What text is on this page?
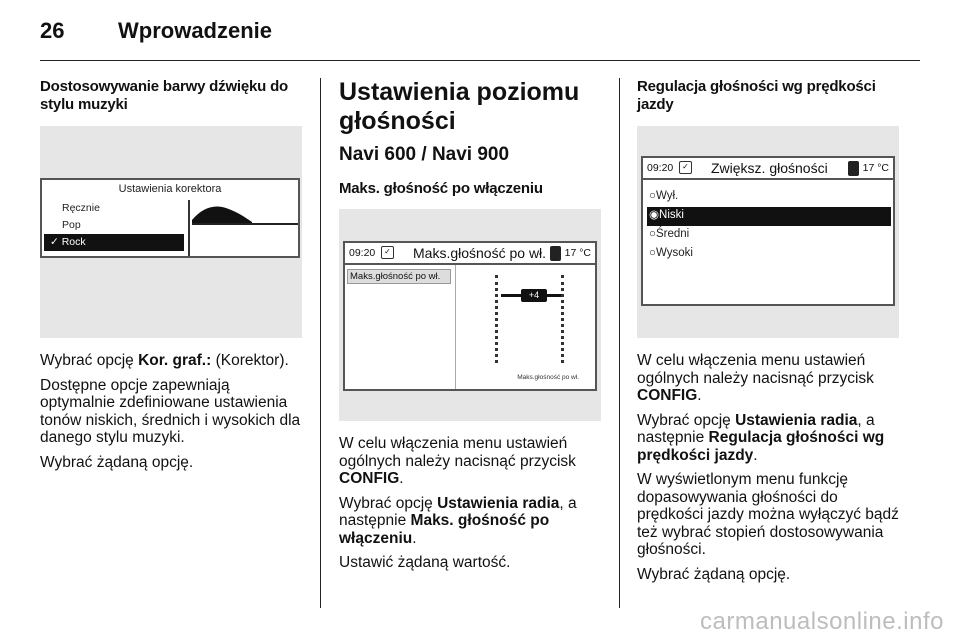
26 Wprowadzenie
Dostosowywanie barwy dźwięku do stylu muzyki
Ustawienia korektora
Ręcznie
Pop
✓ Rock

Wybrać opcję Kor. graf.: (Korektor).

Dostępne opcje zapewniają optymalnie zdefiniowane ustawienia tonów niskich, średnich i wysokich dla danego stylu muzyki.

Wybrać żądaną opcję.

Ustawienia poziomu głośności
Navi 600 / Navi 900
Maks. głośność po włączeniu
09:20	✓ Maks.głośność po wł. 17 °C
Maks.głośność po wł.
+4
Maks.głośność po wł.

W celu włączenia menu ustawień ogólnych należy nacisnąć przycisk CONFIG.

Wybrać opcję Ustawienia radia, a następnie Maks. głośność po włączeniu.

Ustawić żądaną wartość.

Regulacja głośności wg prędkości jazdy
09:20	✓ Zwiększ. głośności	17 °C
○Wył.
◉Niski
○Średni
○Wysoki

W celu włączenia menu ustawień ogólnych należy nacisnąć przycisk CONFIG.

Wybrać opcję Ustawienia radia, a następnie Regulacja głośności wg prędkości jazdy.

W wyświetlonym menu funkcję dopasowywania głośności do prędkości jazdy można wyłączyć bądź też wybrać stopień dostosowywania głośności.

Wybrać żądaną opcję.

carmanualsonline.info
